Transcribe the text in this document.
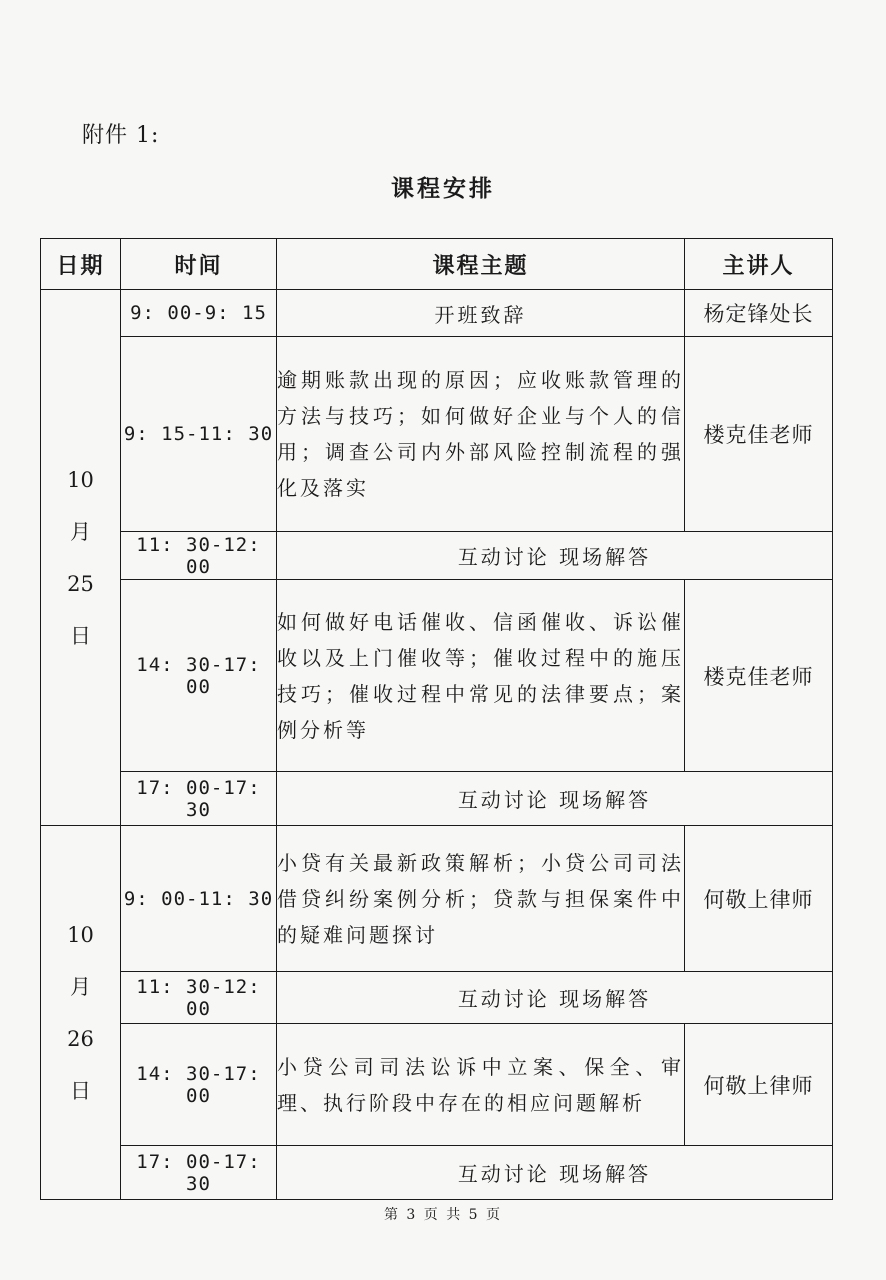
附件 1:
课程安排
日期	时间	课程主题	主讲人

10
月
25
日	9: 00-9: 15	开班致辞	杨定锋处长
	9: 15-11: 30	逾期账款出现的原因；应收账款管理的方法与技巧；如何做好企业与个人的信用；调查公司内外部风险控制流程的强化及落实	楼克佳老师
	11: 30-12: 00	互动讨论 现场解答	
	14: 30-17: 00	如何做好电话催收、信函催收、诉讼催收以及上门催收等；催收过程中的施压技巧；催收过程中常见的法律要点；案例分析等	楼克佳老师
	17: 00-17: 30	互动讨论 现场解答	

10
月
26
日	9: 00-11: 30	小贷有关最新政策解析；小贷公司司法借贷纠纷案例分析；贷款与担保案件中的疑难问题探讨	何敬上律师
	11: 30-12: 00	互动讨论 现场解答	
	14: 30-17: 00	小贷公司司法讼诉中立案、保全、审理、执行阶段中存在的相应问题解析	何敬上律师
	17: 00-17: 30	互动讨论 现场解答	
第 3 页 共 5 页
